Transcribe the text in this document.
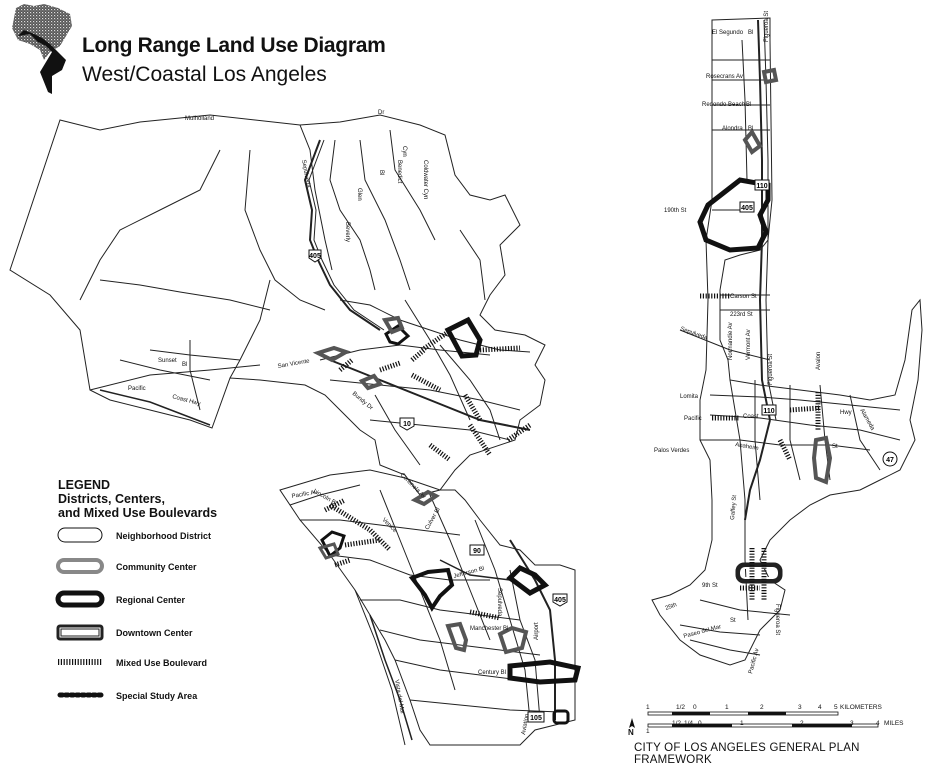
405
10
90
405
105
110
405
110
47
Mulholland
Dr
Sepulveda
Sunset
Bl
Pacific
Coast Hwy
San Vicente
Bundy Dr
Beverly
Glen
Bl Benedict
Cyn
Coldwater Cyn
Pacific Av
Lincoln Bl
Venice
Centinela Av
Culver Bl
Jefferson Bl
Manchester Bl
Century Bl
Sepulveda
Airport
Vista del Mar
Aviation
El Segundo Bl
Rosecrans Av
Redondo Beach Bl
Alondra Bl
190th St
Carson St
223rd St
Sepulveda
Lomita
Pacific	Coast
Hwy
Palos Verdes	Anaheim	St
Normandie Av Vermont Av
Figueroa St	Avalon
Alameda
Gaffey St
9th St
25th
St
Paseo del Mar
Pacific Av
Figueroa St
Figueroa St
Long Range Land Use Diagram
West/Coastal Los Angeles
LEGEND
Districts, Centers,
and Mixed Use Boulevards
Neighborhood District
Community Center
Regional Center
Downtown Center
Mixed Use Boulevard
Special Study Area
1	1/2 0	1	2	3	4 5 KILOMETERS
1
1/2 1/4 0	1	2	3	4 MILES
N
CITY OF LOS ANGELES GENERAL PLAN FRAMEWORK
